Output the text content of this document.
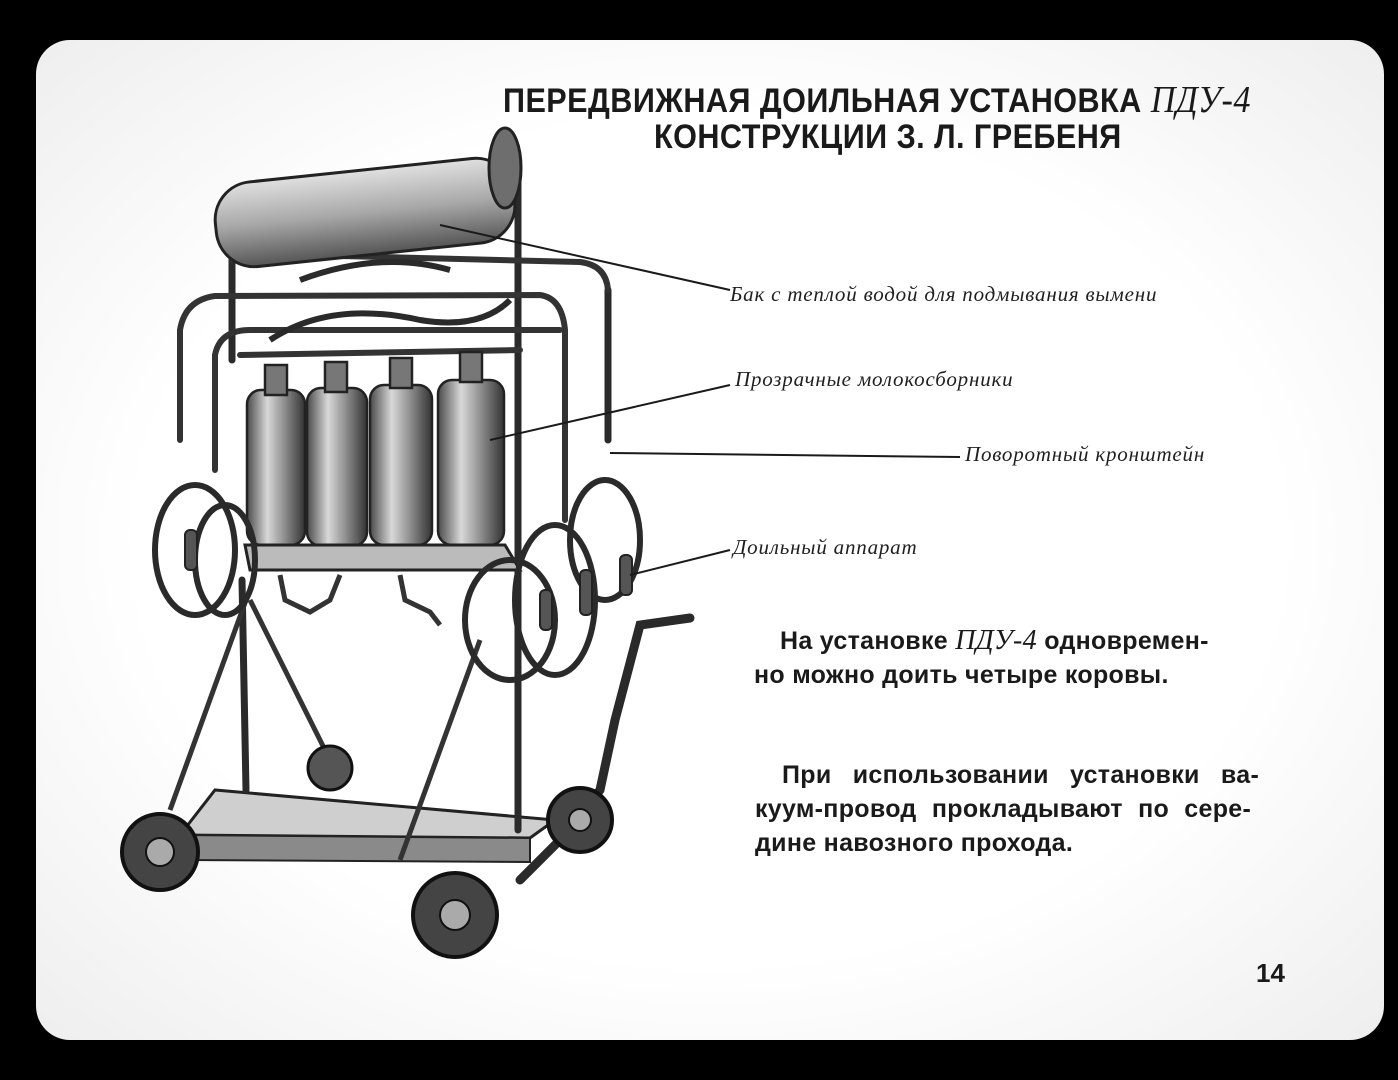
ПЕРЕДВИЖНАЯ ДОИЛЬНАЯ УСТАНОВКА ПДУ-4
КОНСТРУКЦИИ З. Л. ГРЕБЕНЯ
Бак с теплой водой для подмывания вымени
Прозрачные молокосборники
Поворотный кронштейн
Доильный аппарат
На установке ПДУ-4 одновремен-
но можно доить четыре коровы.
При использовании установки ва-
куум-провод прокладывают по сере-
дине навозного прохода.
14
